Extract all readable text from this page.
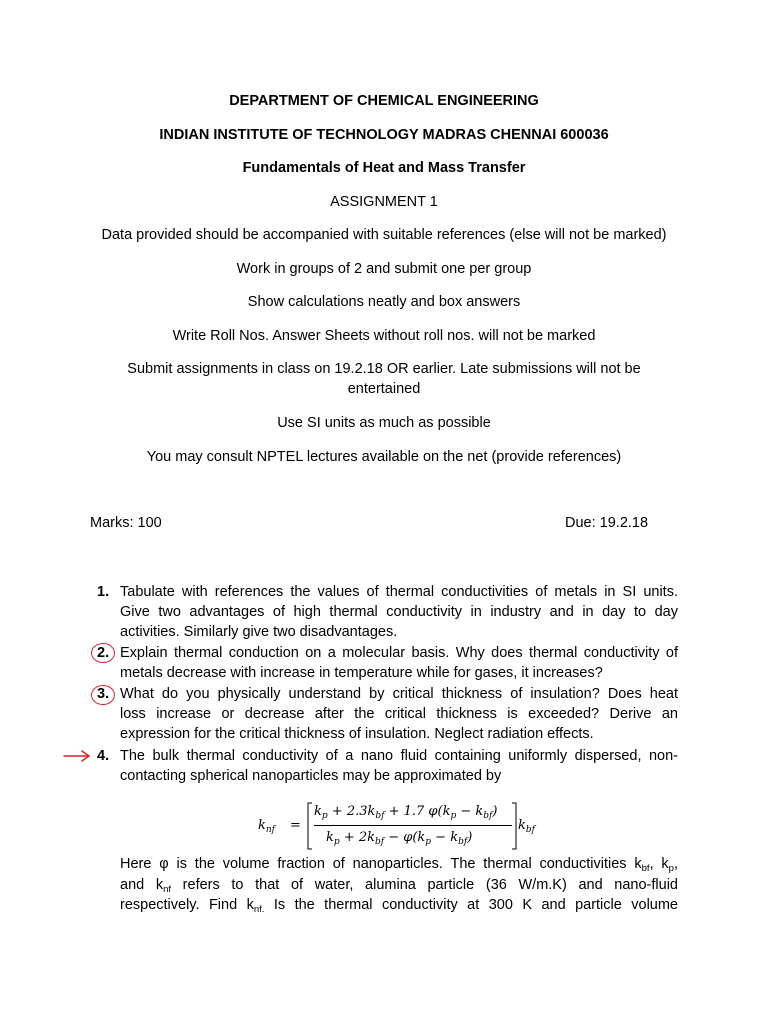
DEPARTMENT OF CHEMICAL ENGINEERING
INDIAN INSTITUTE OF TECHNOLOGY MADRAS CHENNAI 600036
Fundamentals of Heat and Mass Transfer
ASSIGNMENT 1
Data provided should be accompanied with suitable references (else will not be marked)
Work in groups of 2 and submit one per group
Show calculations neatly and box answers
Write Roll Nos. Answer Sheets without roll nos. will not be marked
Submit assignments in class on 19.2.18 OR earlier. Late submissions will not be
entertained
Use SI units as much as possible
You may consult NPTEL lectures available on the net (provide references)
Marks: 100	Due: 19.2.18
1. Tabulate with references the values of thermal conductivities of metals in SI units.
Give two advantages of high thermal conductivity in industry and in day to day
activities. Similarly give two disadvantages.
2. Explain thermal conduction on a molecular basis. Why does thermal conductivity of
metals decrease with increase in temperature while for gases, it increases?
3. What do you physically understand by critical thickness of insulation? Does heat
loss increase or decrease after the critical thickness is exceeded? Derive an
expression for the critical thickness of insulation. Neglect radiation effects.
4. The bulk thermal conductivity of a nano fluid containing uniformly dispersed, non-
contacting spherical nanoparticles may be approximated by
$k_{nf}$ =
$k_p + 2.3k_{bf} + 1.7$ $\varphi(k_p - k_{bf})$
$k_p + 2k_{bf} - \varphi(k_p - k_{bf})$
$k_{bf}$
Here φ is the volume fraction of nanoparticles. The thermal conductivities $k_{bf}$, $k_p$,
and $k_{nf}$ refers to that of water, alumina particle (36 W/m.K) and nano-fluid
respectively. Find $k_{nf.}$ Is the thermal conductivity at 300 K and particle volume
